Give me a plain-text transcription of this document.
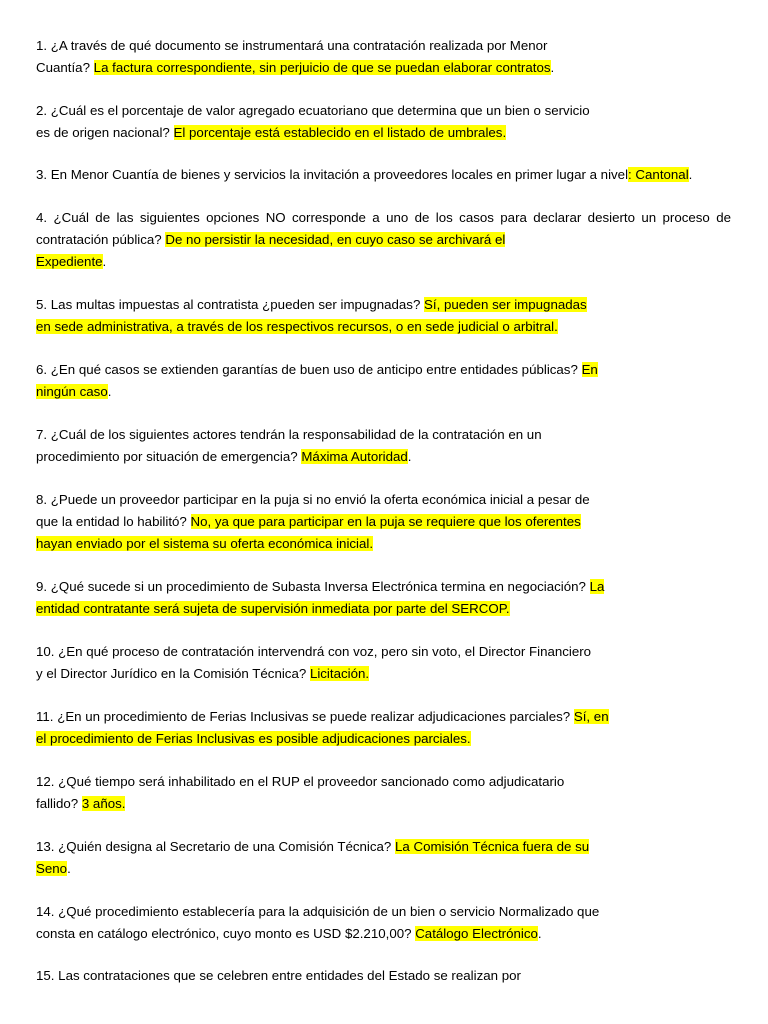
1. ¿A través de qué documento se instrumentará una contratación realizada por Menor
Cuantía? La factura correspondiente, sin perjuicio de que se puedan elaborar contratos.

2. ¿Cuál es el porcentaje de valor agregado ecuatoriano que determina que un bien o servicio
es de origen nacional? El porcentaje está establecido en el listado de umbrales.

3. En Menor Cuantía de bienes y servicios la invitación a proveedores locales en primer lugar a nivel: Cantonal.

4. ¿Cuál de las siguientes opciones NO corresponde a uno de los casos para declarar desierto un proceso de contratación pública? De no persistir la necesidad, en cuyo caso se archivará el
Expediente.

5. Las multas impuestas al contratista ¿pueden ser impugnadas? Sí, pueden ser impugnadas
en sede administrativa, a través de los respectivos recursos, o en sede judicial o arbitral.

6. ¿En qué casos se extienden garantías de buen uso de anticipo entre entidades públicas? En
ningún caso.

7. ¿Cuál de los siguientes actores tendrán la responsabilidad de la contratación en un
procedimiento por situación de emergencia? Máxima Autoridad.

8. ¿Puede un proveedor participar en la puja si no envió la oferta económica inicial a pesar de
que la entidad lo habilitó? No, ya que para participar en la puja se requiere que los oferentes
hayan enviado por el sistema su oferta económica inicial.

9. ¿Qué sucede si un procedimiento de Subasta Inversa Electrónica termina en negociación? La
entidad contratante será sujeta de supervisión inmediata por parte del SERCOP.

10. ¿En qué proceso de contratación intervendrá con voz, pero sin voto, el Director Financiero
y el Director Jurídico en la Comisión Técnica? Licitación.

11. ¿En un procedimiento de Ferias Inclusivas se puede realizar adjudicaciones parciales? Sí, en
el procedimiento de Ferias Inclusivas es posible adjudicaciones parciales.

12. ¿Qué tiempo será inhabilitado en el RUP el proveedor sancionado como adjudicatario
fallido? 3 años.

13. ¿Quién designa al Secretario de una Comisión Técnica? La Comisión Técnica fuera de su
Seno.

14. ¿Qué procedimiento establecería para la adquisición de un bien o servicio Normalizado que
consta en catálogo electrónico, cuyo monto es USD $2.210,00? Catálogo Electrónico.

15. Las contrataciones que se celebren entre entidades del Estado se realizan por
